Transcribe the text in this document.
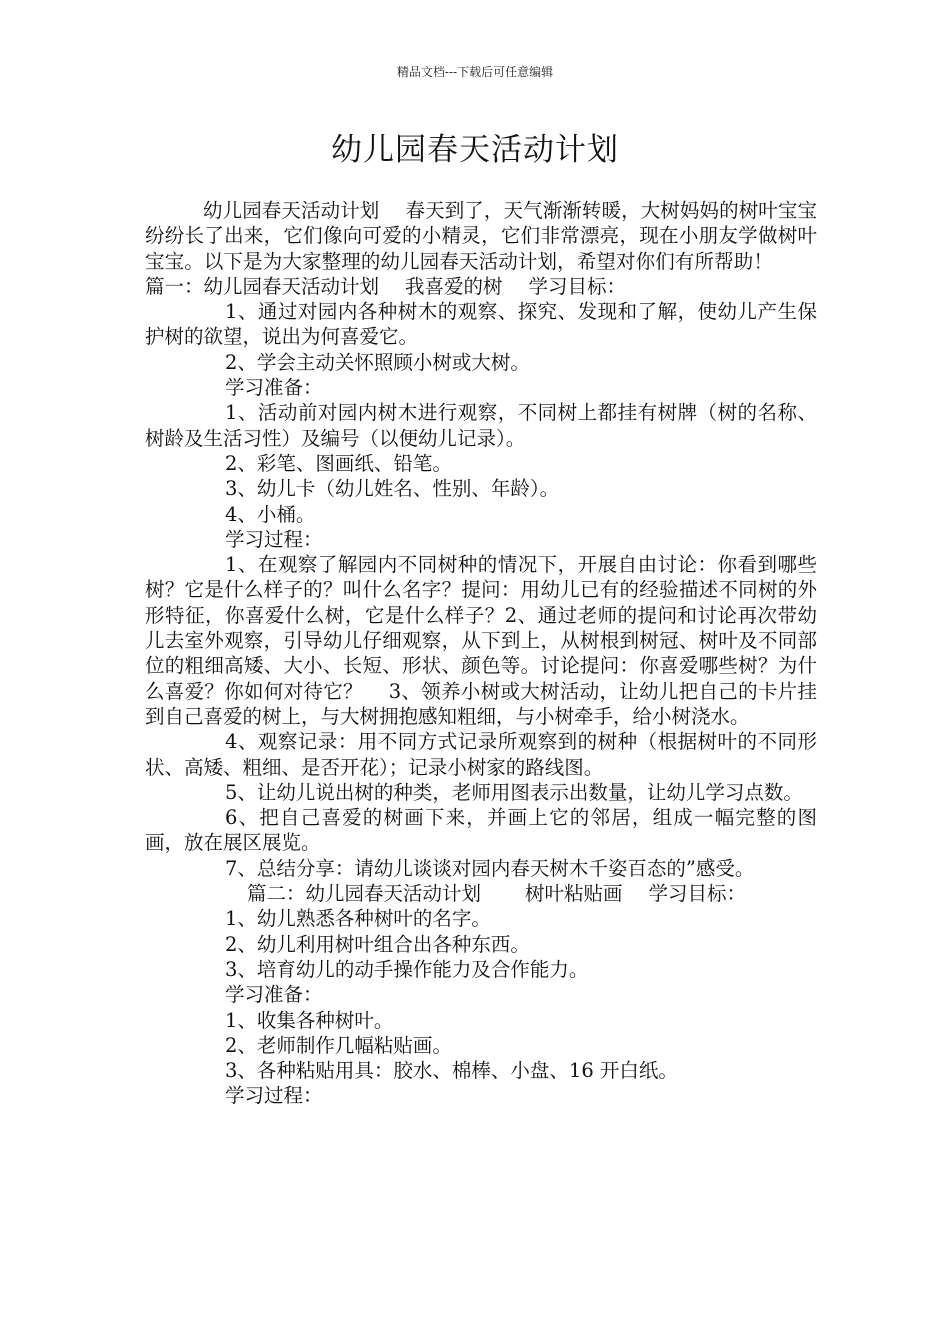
精品文档---下载后可任意编辑
幼儿园春天活动计划

幼儿园春天活动计划 春天到了，天气渐渐转暖，大树妈妈的树叶宝宝纷纷长了出来，它们像向可爱的小精灵，它们非常漂亮，现在小朋友学做树叶宝宝。以下是为大家整理的幼儿园春天活动计划，希望对你们有所帮助！篇一：幼儿园春天活动计划 我喜爱的树 学习目标：

1、通过对园内各种树木的观察、探究、发现和了解，使幼儿产生保护树的欲望，说出为何喜爱它。

2、学会主动关怀照顾小树或大树。

学习准备：

1、活动前对园内树木进行观察，不同树上都挂有树牌（树的名称、树龄及生活习性）及编号（以便幼儿记录）。

2、彩笔、图画纸、铅笔。

3、幼儿卡（幼儿姓名、性别、年龄）。

4、小桶。

学习过程：

1、在观察了解园内不同树种的情况下，开展自由讨论：你看到哪些树？它是什么样子的？叫什么名字？提问：用幼儿已有的经验描述不同树的外形特征，你喜爱什么树，它是什么样子？2、通过老师的提问和讨论再次带幼儿去室外观察，引导幼儿仔细观察，从下到上，从树根到树冠、树叶及不同部位的粗细高矮、大小、长短、形状、颜色等。讨论提问：你喜爱哪些树？为什么喜爱？你如何对待它？ 3、领养小树或大树活动，让幼儿把自己的卡片挂到自己喜爱的树上，与大树拥抱感知粗细，与小树牵手，给小树浇水。

4、观察记录：用不同方式记录所观察到的树种（根据树叶的不同形状、高矮、粗细、是否开花）；记录小树家的路线图。

5、让幼儿说出树的种类，老师用图表示出数量，让幼儿学习点数。

6、把自己喜爱的树画下来，并画上它的邻居，组成一幅完整的图画，放在展区展览。

7、总结分享：请幼儿谈谈对园内春天树木千姿百态的”感受。

篇二：幼儿园春天活动计划 树叶粘贴画 学习目标：

1、幼儿熟悉各种树叶的名字。

2、幼儿利用树叶组合出各种东西。

3、培育幼儿的动手操作能力及合作能力。

学习准备：

1、收集各种树叶。

2、老师制作几幅粘贴画。

3、各种粘贴用具：胶水、棉棒、小盘、16 开白纸。

学习过程：
